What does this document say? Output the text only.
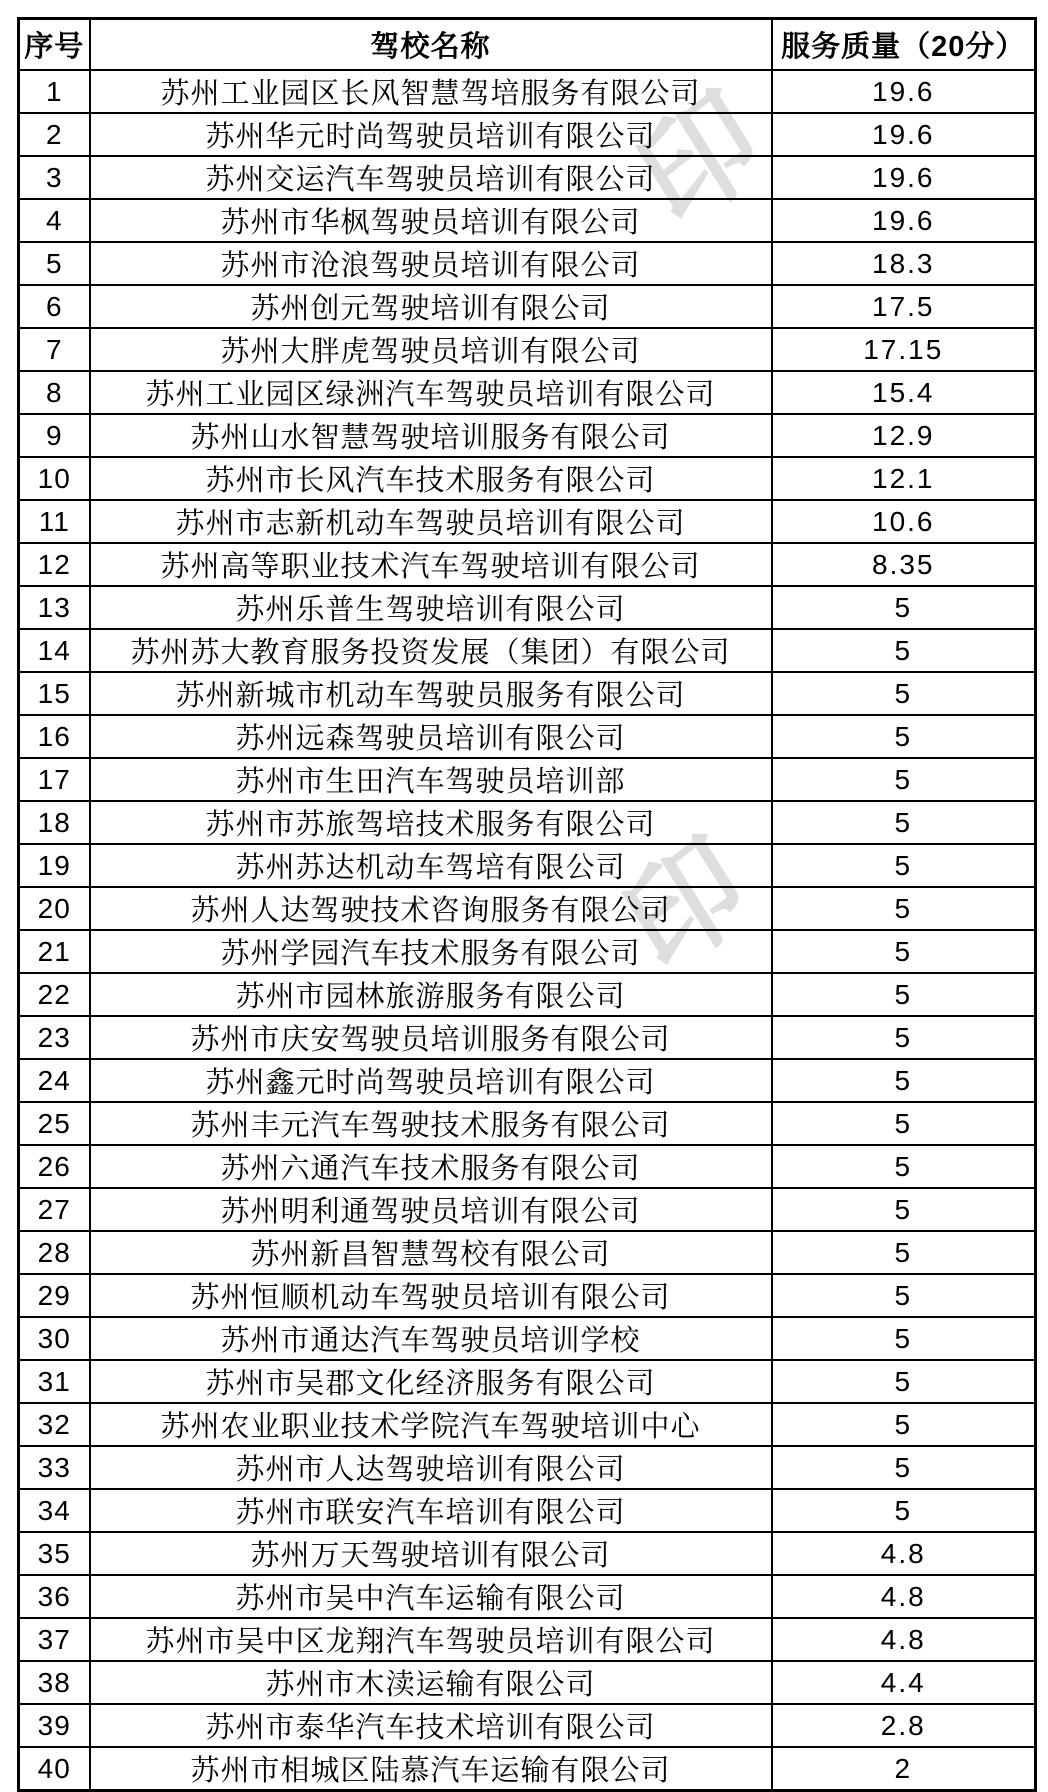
印
印
序号	驾校名称	服务质量（20分）
1	苏州工业园区长风智慧驾培服务有限公司	19.6
2	苏州华元时尚驾驶员培训有限公司	19.6
3	苏州交运汽车驾驶员培训有限公司	19.6
4	苏州市华枫驾驶员培训有限公司	19.6
5	苏州市沧浪驾驶员培训有限公司	18.3
6	苏州创元驾驶培训有限公司	17.5
7	苏州大胖虎驾驶员培训有限公司	17.15
8	苏州工业园区绿洲汽车驾驶员培训有限公司	15.4
9	苏州山水智慧驾驶培训服务有限公司	12.9
10	苏州市长风汽车技术服务有限公司	12.1
11	苏州市志新机动车驾驶员培训有限公司	10.6
12	苏州高等职业技术汽车驾驶培训有限公司	8.35
13	苏州乐普生驾驶培训有限公司	5
14	苏州苏大教育服务投资发展（集团）有限公司	5
15	苏州新城市机动车驾驶员服务有限公司	5
16	苏州远森驾驶员培训有限公司	5
17	苏州市生田汽车驾驶员培训部	5
18	苏州市苏旅驾培技术服务有限公司	5
19	苏州苏达机动车驾培有限公司	5
20	苏州人达驾驶技术咨询服务有限公司	5
21	苏州学园汽车技术服务有限公司	5
22	苏州市园林旅游服务有限公司	5
23	苏州市庆安驾驶员培训服务有限公司	5
24	苏州鑫元时尚驾驶员培训有限公司	5
25	苏州丰元汽车驾驶技术服务有限公司	5
26	苏州六通汽车技术服务有限公司	5
27	苏州明利通驾驶员培训有限公司	5
28	苏州新昌智慧驾校有限公司	5
29	苏州恒顺机动车驾驶员培训有限公司	5
30	苏州市通达汽车驾驶员培训学校	5
31	苏州市吴郡文化经济服务有限公司	5
32	苏州农业职业技术学院汽车驾驶培训中心	5
33	苏州市人达驾驶培训有限公司	5
34	苏州市联安汽车培训有限公司	5
35	苏州万天驾驶培训有限公司	4.8
36	苏州市吴中汽车运输有限公司	4.8
37	苏州市吴中区龙翔汽车驾驶员培训有限公司	4.8
38	苏州市木渎运输有限公司	4.4
39	苏州市泰华汽车技术培训有限公司	2.8
40	苏州市相城区陆慕汽车运输有限公司	2
